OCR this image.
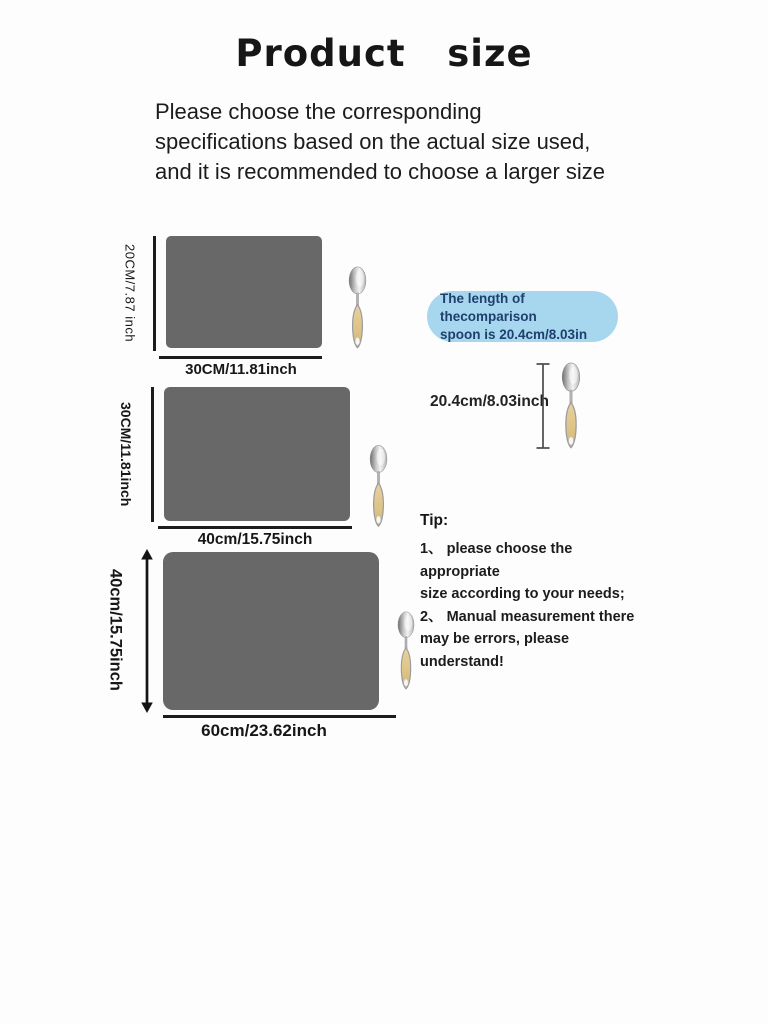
Product   size
Please choose the corresponding specifications based on the actual size used, and it is recommended to choose a larger size
20CM/7.87 inch
30CM/11.81inch
The length of thecomparison
spoon is 20.4cm/8.03in
20.4cm/8.03inch
30CM/11.81inch
40cm/15.75inch
40cm/15.75inch
60cm/23.62inch
Tip:
1、 please choose the appropriate
size according to your needs;
2、 Manual measurement there
may be errors, please understand!
